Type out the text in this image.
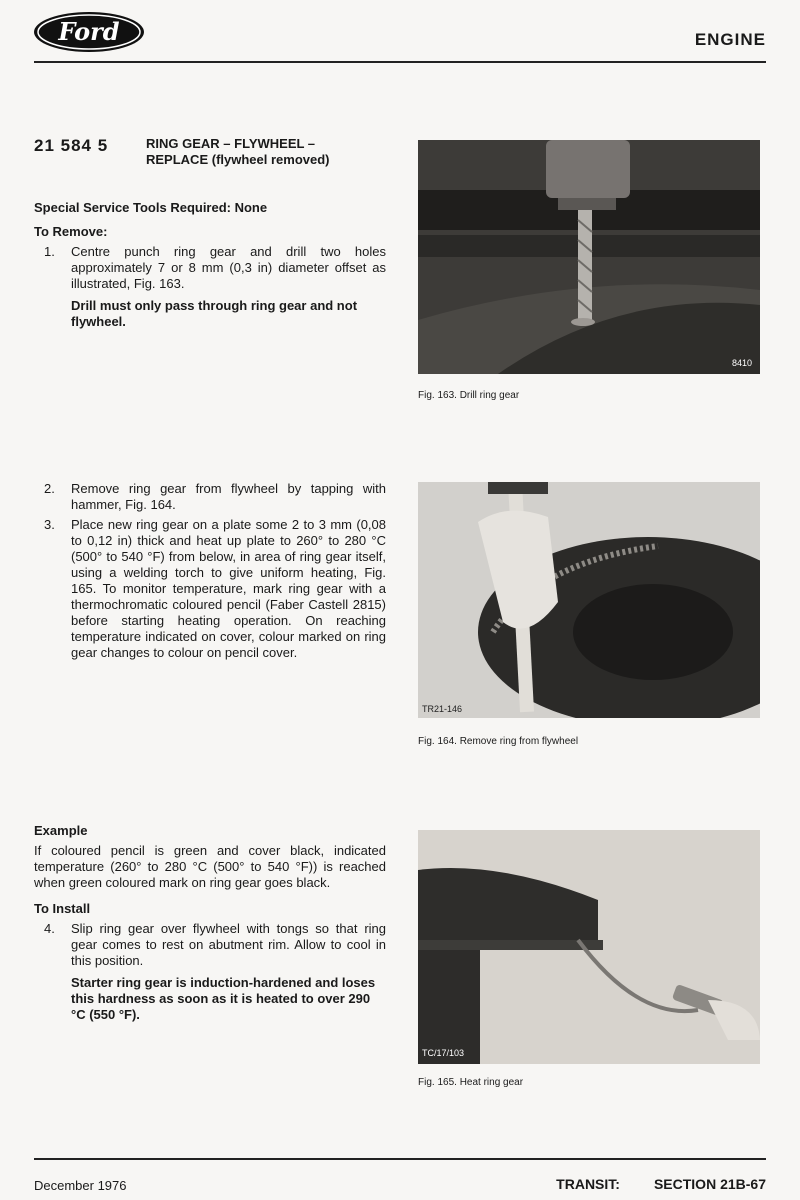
Ford	ENGINE
21 584 5	RING GEAR – FLYWHEEL –
REPLACE (flywheel removed)
Special Service Tools Required: None
To Remove:
1. Centre punch ring gear and drill two holes approximately 7 or 8 mm (0,3 in) diameter offset as illustrated, Fig. 163.
Drill must only pass through ring gear and not flywheel.
2. Remove ring gear from flywheel by tapping with hammer, Fig. 164.
3. Place new ring gear on a plate some 2 to 3 mm (0,08 to 0,12 in) thick and heat up plate to 260° to 280 °C (500° to 540 °F) from below, in area of ring gear itself, using a welding torch to give uniform heating, Fig. 165. To monitor temperature, mark ring gear with a thermochromatic coloured pencil (Faber Castell 2815) before starting heating operation. On reaching temperature indicated on cover, colour marked on ring gear changes to colour on pencil cover.
Example
If coloured pencil is green and cover black, indicated temperature (260° to 280 °C (500° to 540 °F)) is reached when green coloured mark on ring gear goes black.
To Install
4. Slip ring gear over flywheel with tongs so that ring gear comes to rest on abutment rim. Allow to cool in this position.
Starter ring gear is induction-hardened and loses this hardness as soon as it is heated to over 290 °C (550 °F).
8410
Fig. 163. Drill ring gear
TR21-146
Fig. 164. Remove ring from flywheel
TC/17/103
Fig. 165. Heat ring gear
December 1976	TRANSIT: SECTION 21B-67
